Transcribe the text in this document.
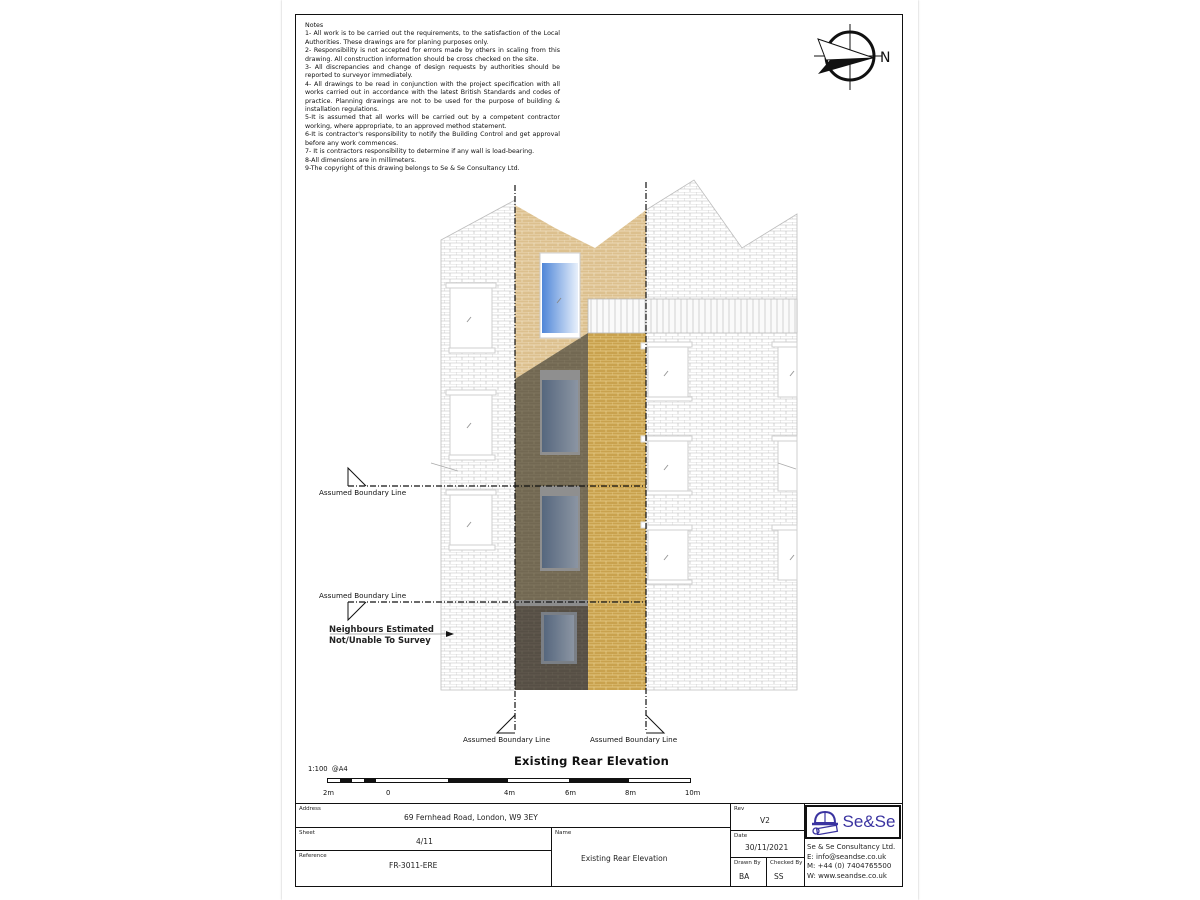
Notes
1- All work is to be carried out the requirements, to the satisfaction of the Local Authorities. These drawings are for planing purposes only.
2- Responsibility is not accepted for errors made by others in scaling from this drawing. All construction information should be cross checked on the site.
3- All discrepancies and change of design requests by authorities should be reported to surveyor immediately.
4- All drawings to be read in conjunction with the project specification with all works carried out in accordance with the latest British Standards and codes of practice. Planning drawings are not to be used for the purpose of building & installation regulations.
5-It is assumed that all works will be carried out by a competent contractor working, where appropriate, to an approved method statement.
6-It is contractor's responsibility to notify the Building Control and get approval before any work commences.
7- It is contractors responsibility to determine if any wall is load-bearing.
8-All dimensions are in millimeters.
9-The copyright of this drawing belongs to Se & Se Consultancy Ltd.
N
Assumed Boundary Line
Assumed Boundary Line
Assumed Boundary Line	Assumed Boundary Line
Neighbours Estimated
Not/Unable To Survey
Existing Rear Elevation
1:100 @A4
2m	0	4m	6m	8m	10m
Address
69 Fernhead Road, London, W9 3EY
Sheet
4/11
Reference
FR-3011-ERE
Name
Existing Rear Elevation
Rev
V2
Date
30/11/2021
Drawn By
BA
Checked By
SS
Se&Se
Se & Se Consultancy Ltd.
E: info@seandse.co.uk
M: +44 (0) 7404765500
W: www.seandse.co.uk
